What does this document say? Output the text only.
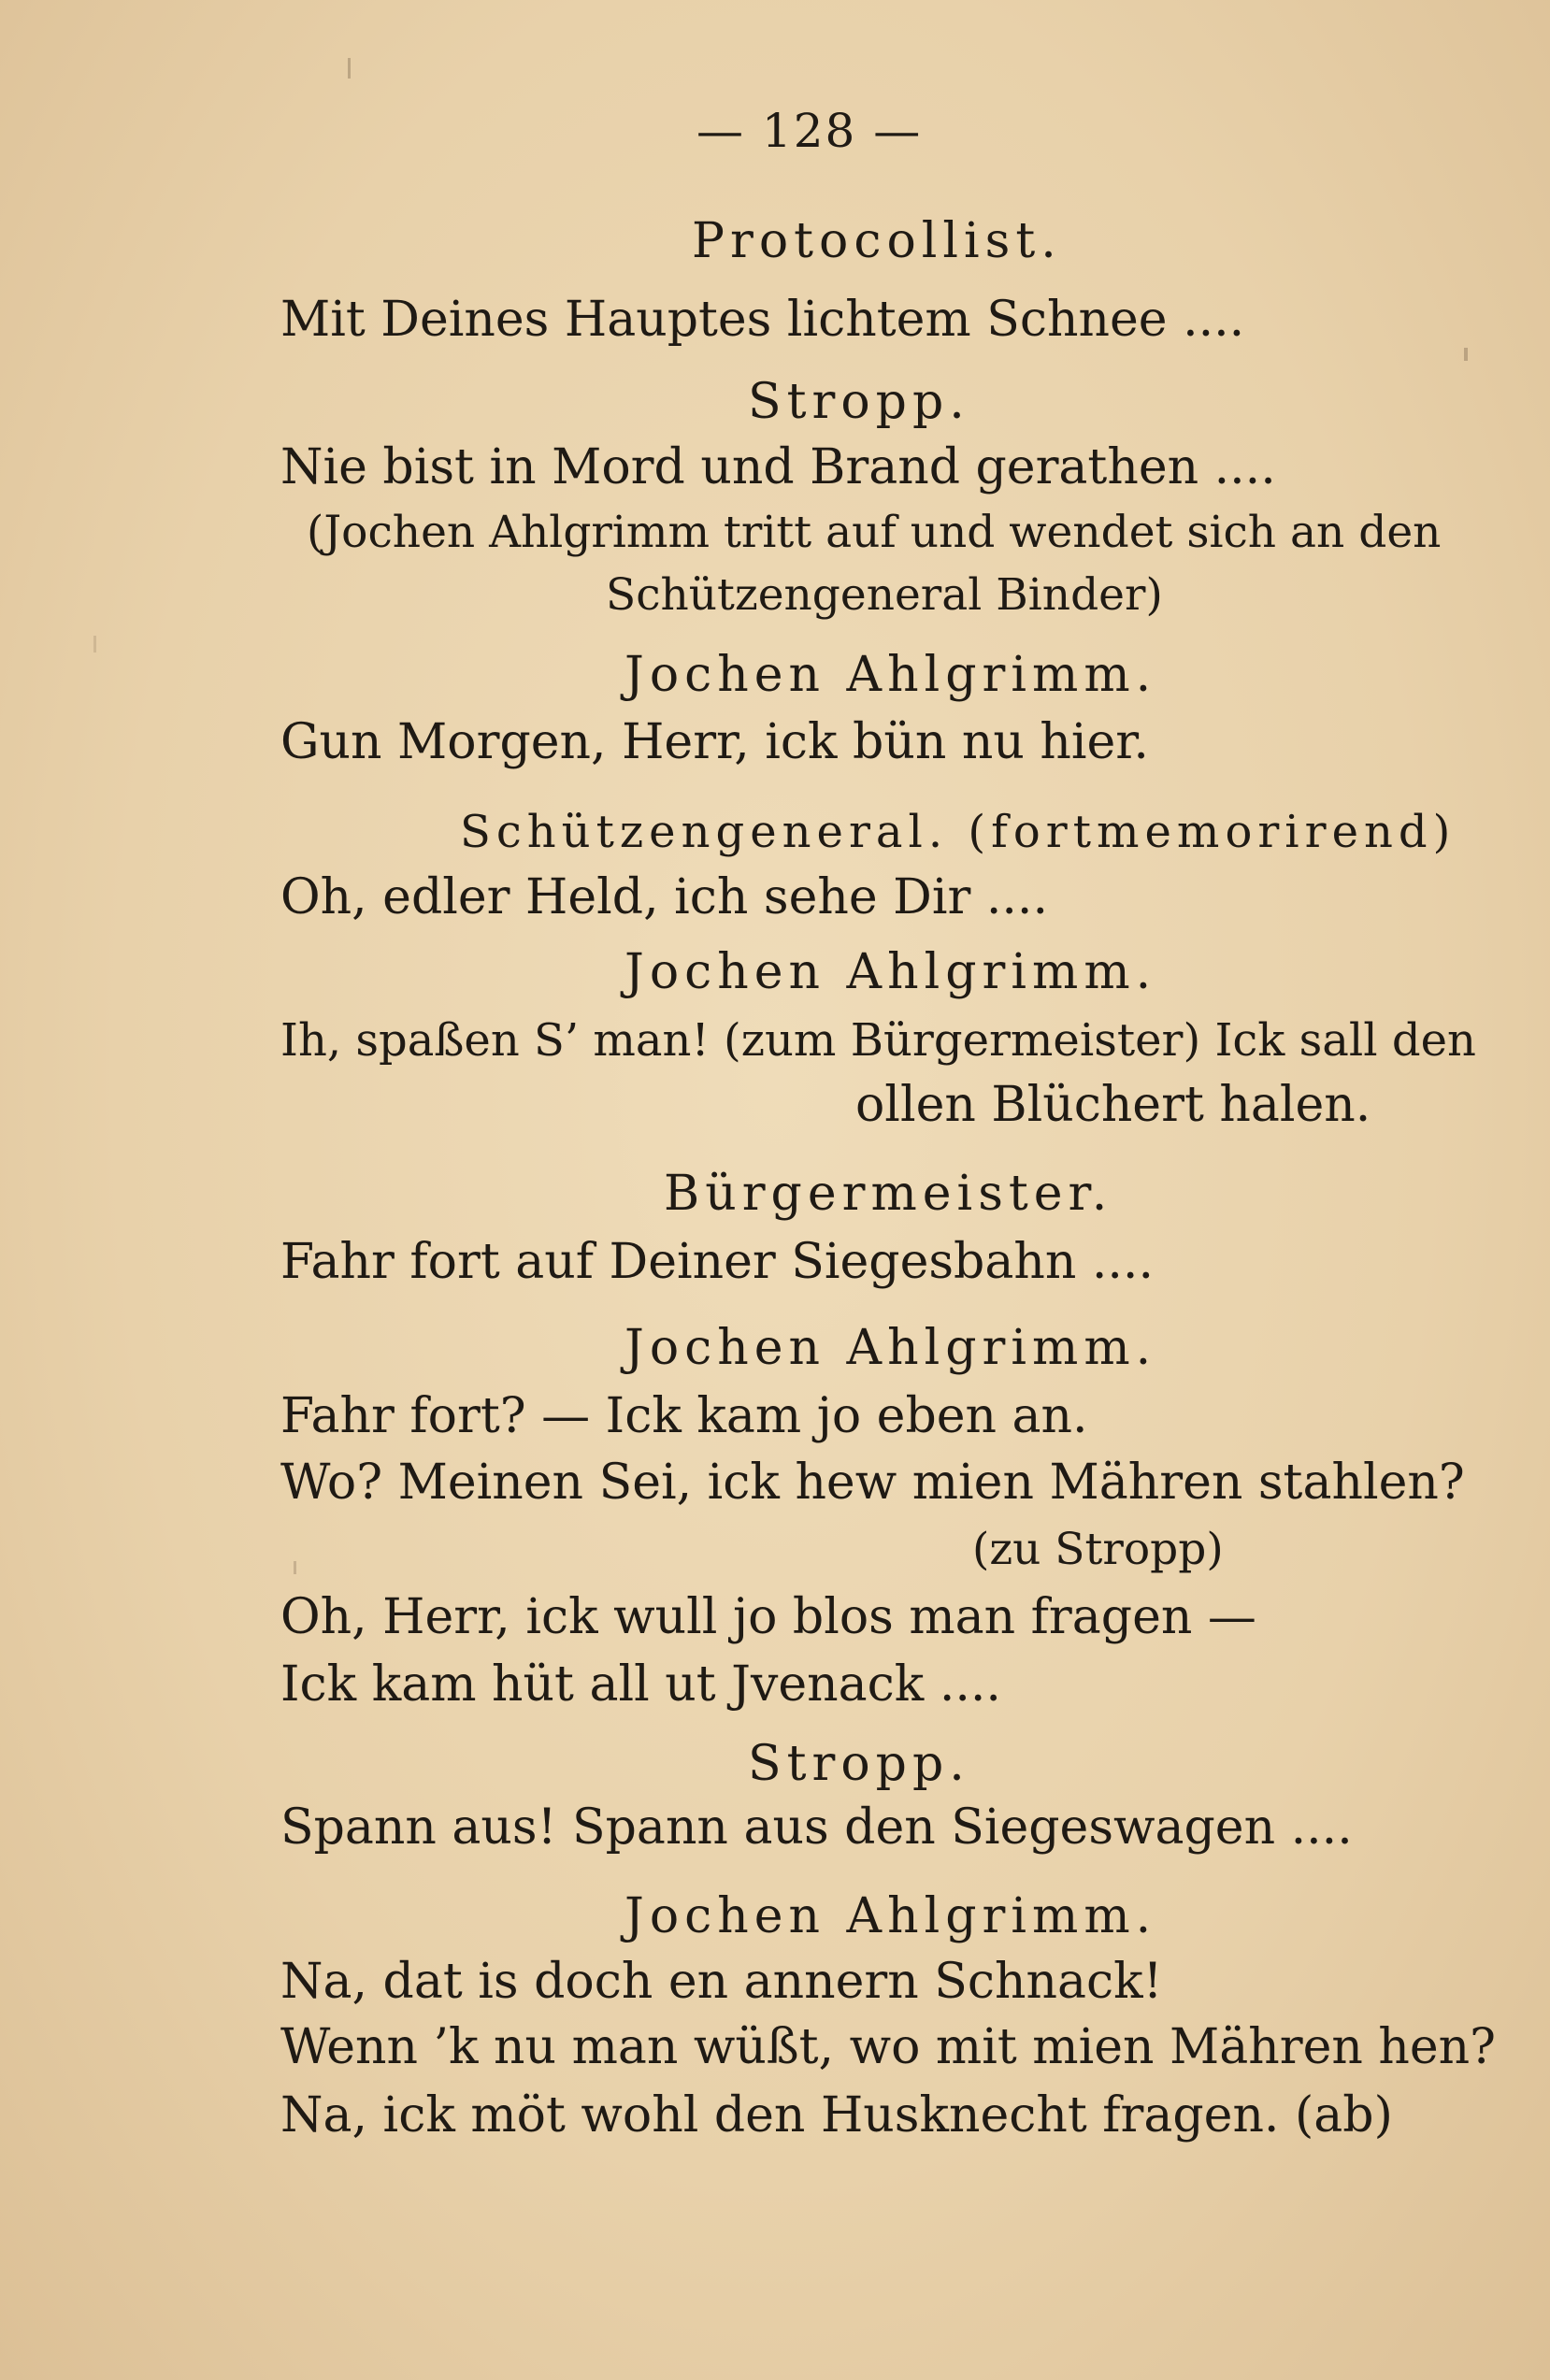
— 128 —
Protocollist.
Mit Deines Hauptes lichtem Schnee ....
Stropp.
Nie bist in Mord und Brand gerathen ....
(Jochen Ahlgrimm tritt auf und wendet sich an den
Schützengeneral Binder)
Jochen Ahlgrimm.
Gun Morgen, Herr, ick bün nu hier.
Schützengeneral. (fortmemorirend)
Oh, edler Held, ich sehe Dir ....
Jochen Ahlgrimm.
Ih, spaßen S’ man! (zum Bürgermeister) Ick sall den
ollen Blüchert halen.
Bürgermeister.
Fahr fort auf Deiner Siegesbahn ....
Jochen Ahlgrimm.
Fahr fort? — Ick kam jo eben an.
Wo? Meinen Sei, ick hew mien Mähren stahlen?
(zu Stropp)
Oh, Herr, ick wull jo blos man fragen —
Ick kam hüt all ut Jvenack ....
Stropp.
Spann aus! Spann aus den Siegeswagen ....
Jochen Ahlgrimm.
Na, dat is doch en annern Schnack!
Wenn ’k nu man wüßt, wo mit mien Mähren hen?
Na, ick möt wohl den Husknecht fragen. (ab)
